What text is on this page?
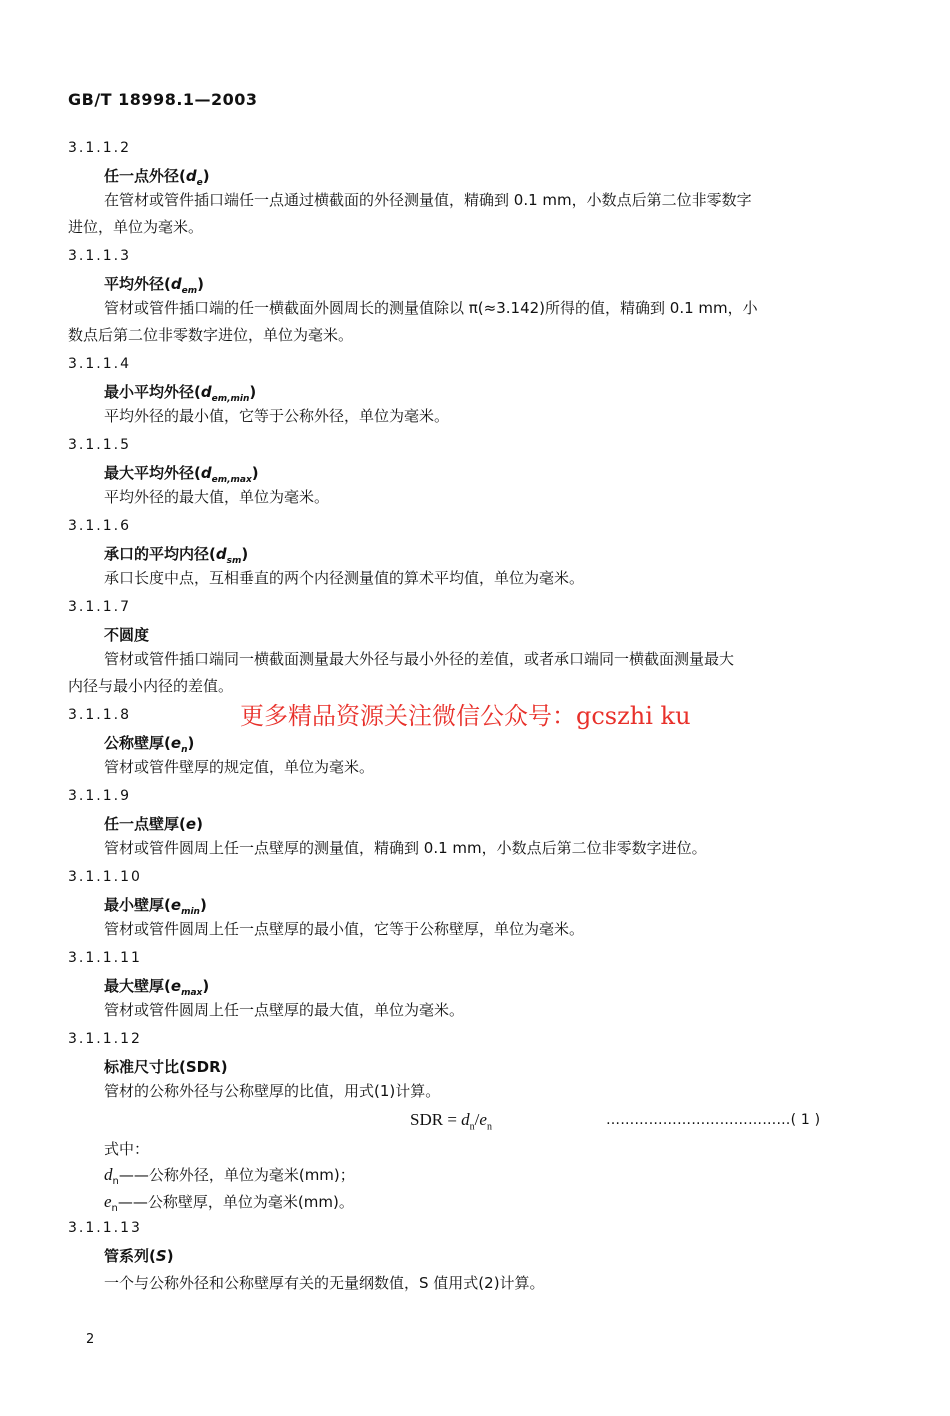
GB/T 18998.1—2003
3.1.1.2
任一点外径$(d_e)$
在管材或管件插口端任一点通过横截面的外径测量值，精确到 0.1 mm，小数点后第二位非零数字
进位，单位为毫米。
3.1.1.3
平均外径$(d_{em})$
管材或管件插口端的任一横截面外圆周长的测量值除以 π(≈3.142)所得的值，精确到 0.1 mm，小
数点后第二位非零数字进位，单位为毫米。
3.1.1.4
最小平均外径$(d_{em,min})$
平均外径的最小值，它等于公称外径，单位为毫米。
3.1.1.5
最大平均外径$(d_{em,max})$
平均外径的最大值，单位为毫米。
3.1.1.6
承口的平均内径$(d_{sm})$
承口长度中点，互相垂直的两个内径测量值的算术平均值，单位为毫米。
3.1.1.7
不圆度
管材或管件插口端同一横截面测量最大外径与最小外径的差值，或者承口端同一横截面测量最大
内径与最小内径的差值。
3.1.1.8
公称壁厚$(e_n)$
管材或管件壁厚的规定值，单位为毫米。
3.1.1.9
任一点壁厚(e)
管材或管件圆周上任一点壁厚的测量值，精确到 0.1 mm，小数点后第二位非零数字进位。
3.1.1.10
最小壁厚$(e_{min})$
管材或管件圆周上任一点壁厚的最小值，它等于公称壁厚，单位为毫米。
3.1.1.11
最大壁厚$(e_{max})$
管材或管件圆周上任一点壁厚的最大值，单位为毫米。
3.1.1.12
标准尺寸比(SDR)
管材的公称外径与公称壁厚的比值，用式(1)计算。
更多精品资源关注微信公众号：gcszhi ku
SDR = $d_n/e_n$	…………………………………( 1 )
式中：
$d_n——$公称外径，单位为毫米(mm)；
$e_n——$公称壁厚，单位为毫米(mm)。
3.1.1.13
管系列(S)
一个与公称外径和公称壁厚有关的无量纲数值，S 值用式(2)计算。
2
